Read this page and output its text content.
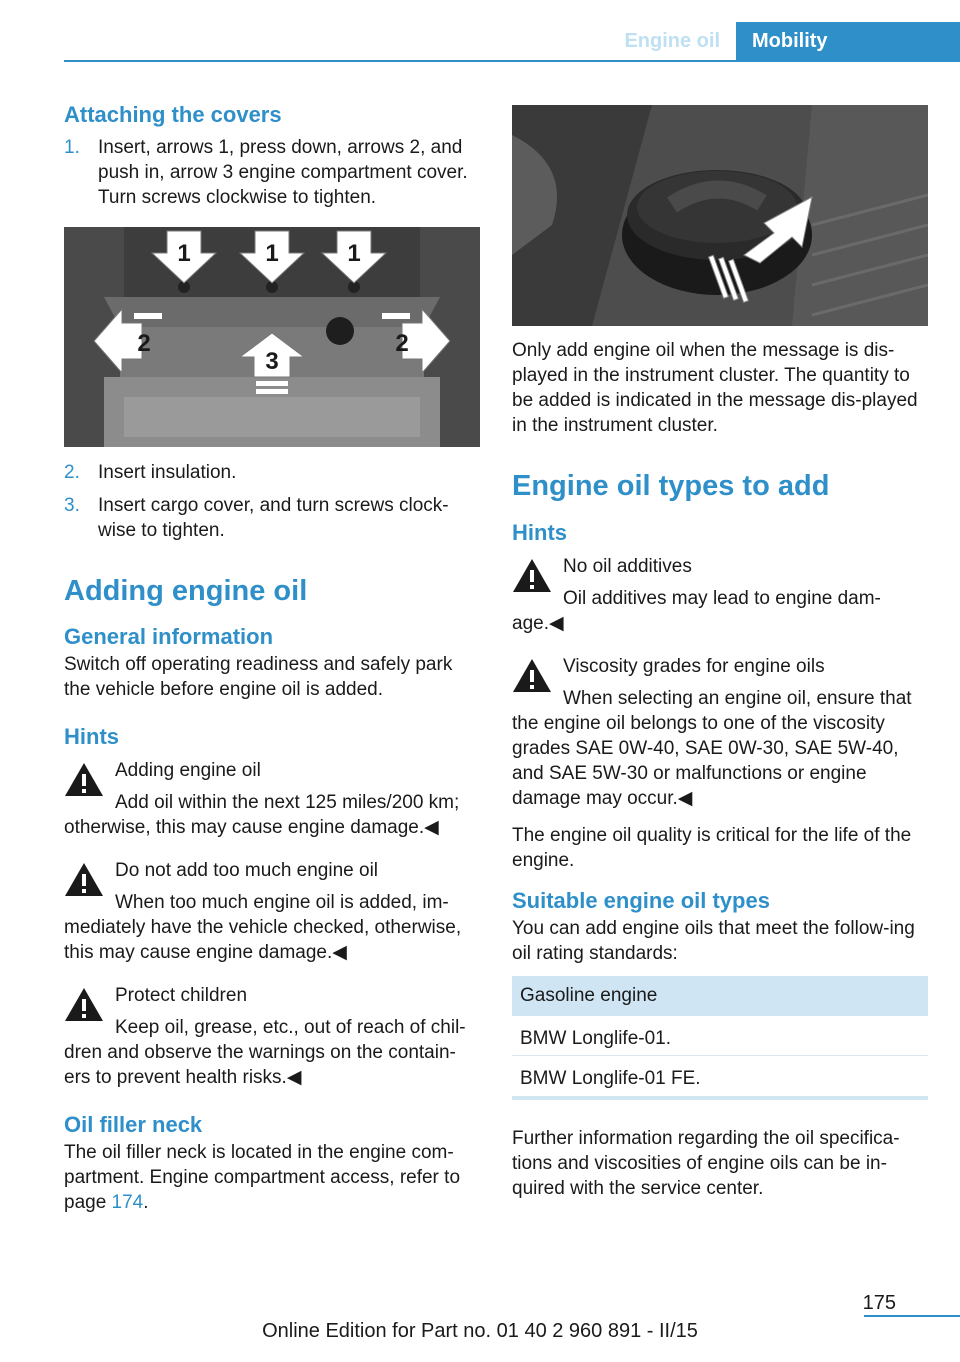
Engine oil	Mobility
Attaching the covers
1. Insert, arrows 1, press down, arrows 2, and push in, arrow 3 engine compartment cover. Turn screws clockwise to tighten.
1	1	1
2
3
2
2. Insert insulation.
3. Insert cargo cover, and turn screws clock-wise to tighten.
Adding engine oil
General information
Switch off operating readiness and safely park the vehicle before engine oil is added.
Hints
Adding engine oil
Add oil within the next 125 miles/200 km;
otherwise, this may cause engine damage.◀
Do not add too much engine oil
When too much engine oil is added, im-
mediately have the vehicle checked, otherwise, this may cause engine damage.◀
Protect children
Keep oil, grease, etc., out of reach of chil-
dren and observe the warnings on the contain-ers to prevent health risks.◀
Oil filler neck
The oil filler neck is located in the engine com-partment. Engine compartment access, refer to page 174.
Only add engine oil when the message is dis-played in the instrument cluster. The quantity to be added is indicated in the message dis-played in the instrument cluster.
Engine oil types to add
Hints
No oil additives
Oil additives may lead to engine dam-
age.◀
Viscosity grades for engine oils
When selecting an engine oil, ensure that
the engine oil belongs to one of the viscosity grades SAE 0W-40, SAE 0W-30, SAE 5W-40, and SAE 5W-30 or malfunctions or engine damage may occur.◀
The engine oil quality is critical for the life of the engine.
Suitable engine oil types
You can add engine oils that meet the follow-ing oil rating standards:
Gasoline engine
BMW Longlife-01.
BMW Longlife-01 FE.
Further information regarding the oil specifica-tions and viscosities of engine oils can be in-quired with the service center.
175
Online Edition for Part no. 01 40 2 960 891 - II/15
